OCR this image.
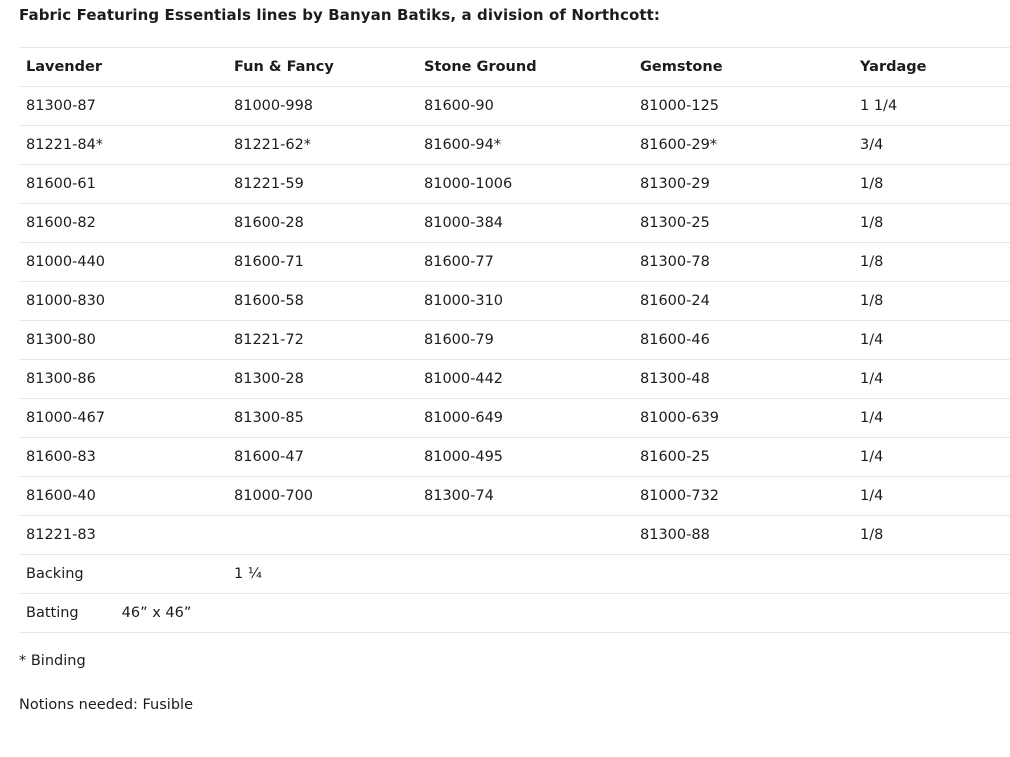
Fabric Featuring Essentials lines by Banyan Batiks, a division of Northcott:
Lavender	Fun & Fancy	Stone Ground	Gemstone	Yardage
81300-87	81000-998	81600-90	81000-125	1 1/4
81221-84*	81221-62*	81600-94*	81600-29*	3/4
81600-61	81221-59	81000-1006	81300-29	1/8
81600-82	81600-28	81000-384	81300-25	1/8
81000-440	81600-71	81600-77	81300-78	1/8
81000-830	81600-58	81000-310	81600-24	1/8
81300-80	81221-72	81600-79	81600-46	1/4
81300-86	81300-28	81000-442	81300-48	1/4
81000-467	81300-85	81000-649	81000-639	1/4
81600-83	81600-47	81000-495	81600-25	1/4
81600-40	81000-700	81300-74	81000-732	1/4
81221-83			81300-88	1/8
Backing	1 ¼			
Batting 46” x 46”				
* Binding
Notions needed: Fusible
